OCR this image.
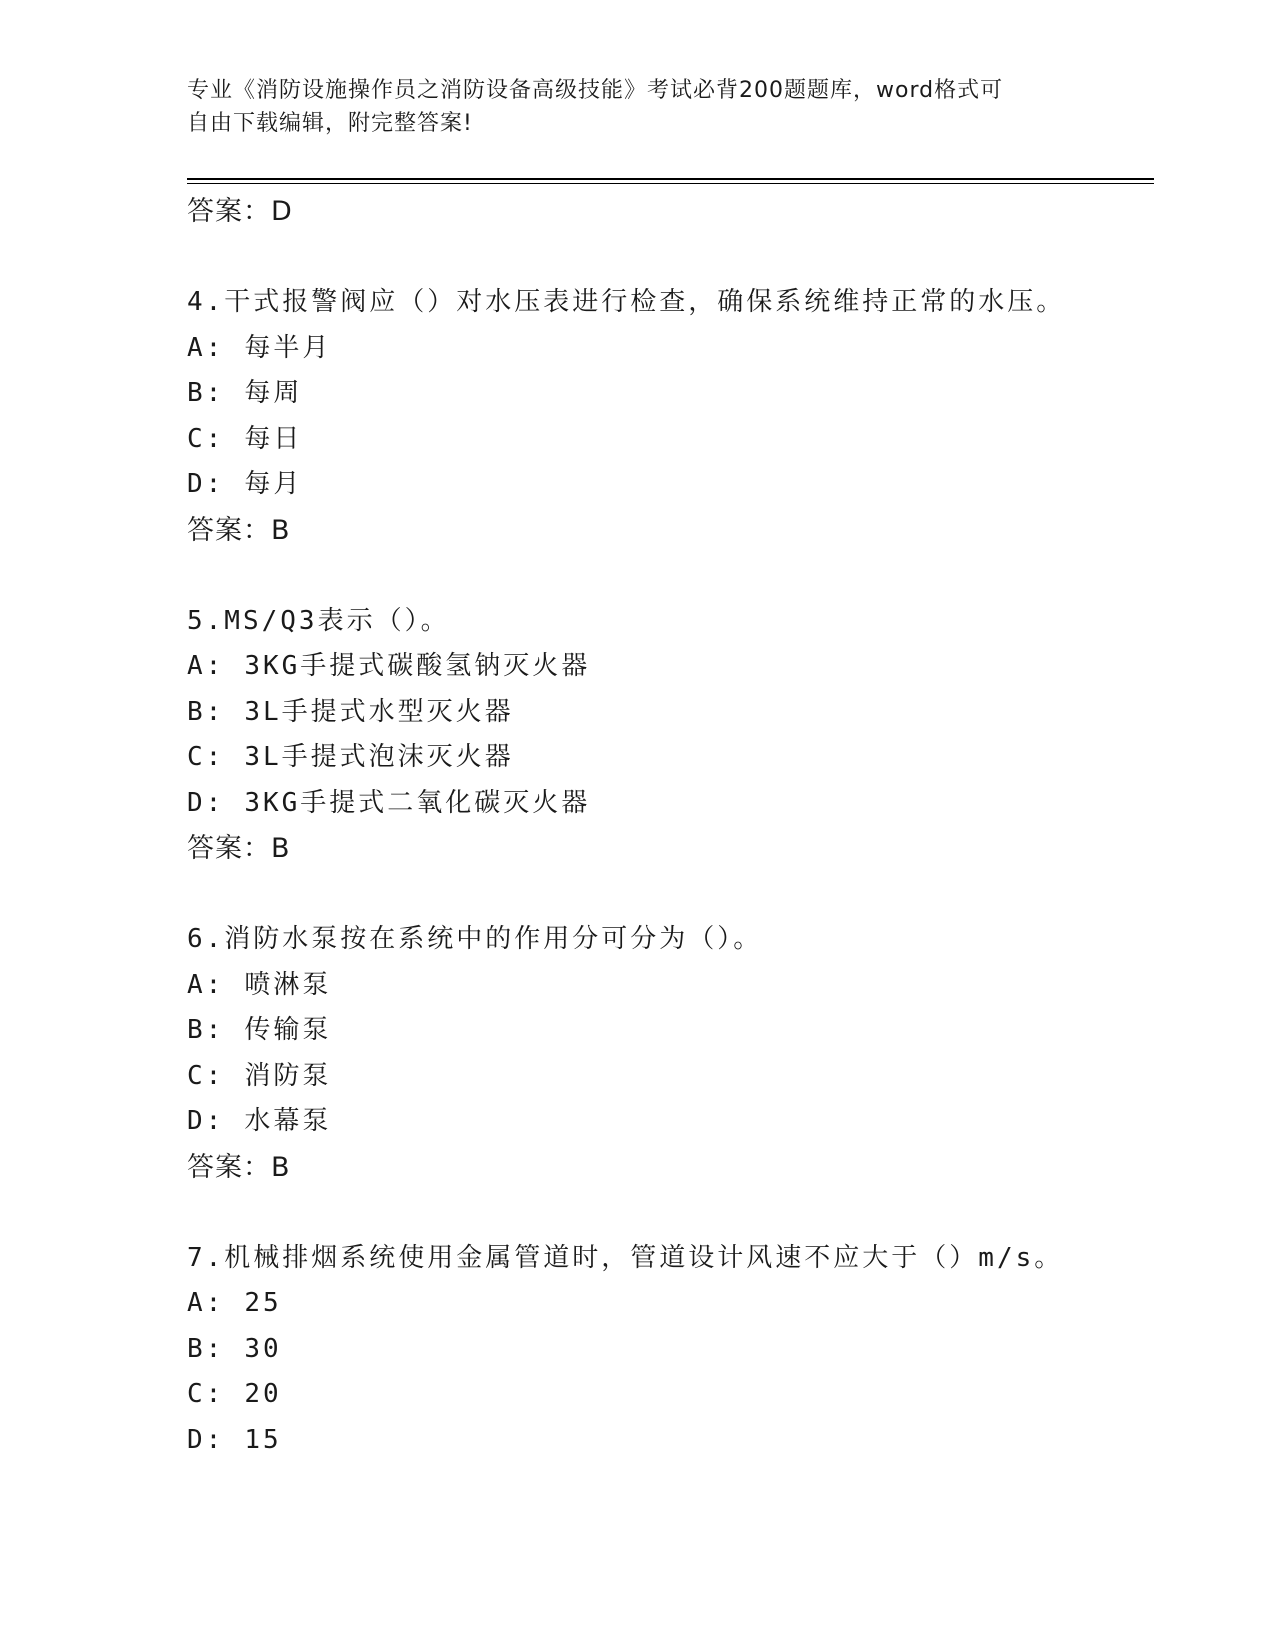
专业《消防设施操作员之消防设备高级技能》考试必背200题题库，word格式可
自由下载编辑，附完整答案!
答案：D
4.干式报警阀应（）对水压表进行检查，确保系统维持正常的水压。
A: 每半月
B: 每周
C: 每日
D: 每月
答案：B
5.MS/Q3表示（）。
A: 3KG手提式碳酸氢钠灭火器
B: 3L手提式水型灭火器
C: 3L手提式泡沫灭火器
D: 3KG手提式二氧化碳灭火器
答案：B
6.消防水泵按在系统中的作用分可分为（）。
A: 喷淋泵
B: 传输泵
C: 消防泵
D: 水幕泵
答案：B
7.机械排烟系统使用金属管道时，管道设计风速不应大于（）m/s。
A: 25
B: 30
C: 20
D: 15
